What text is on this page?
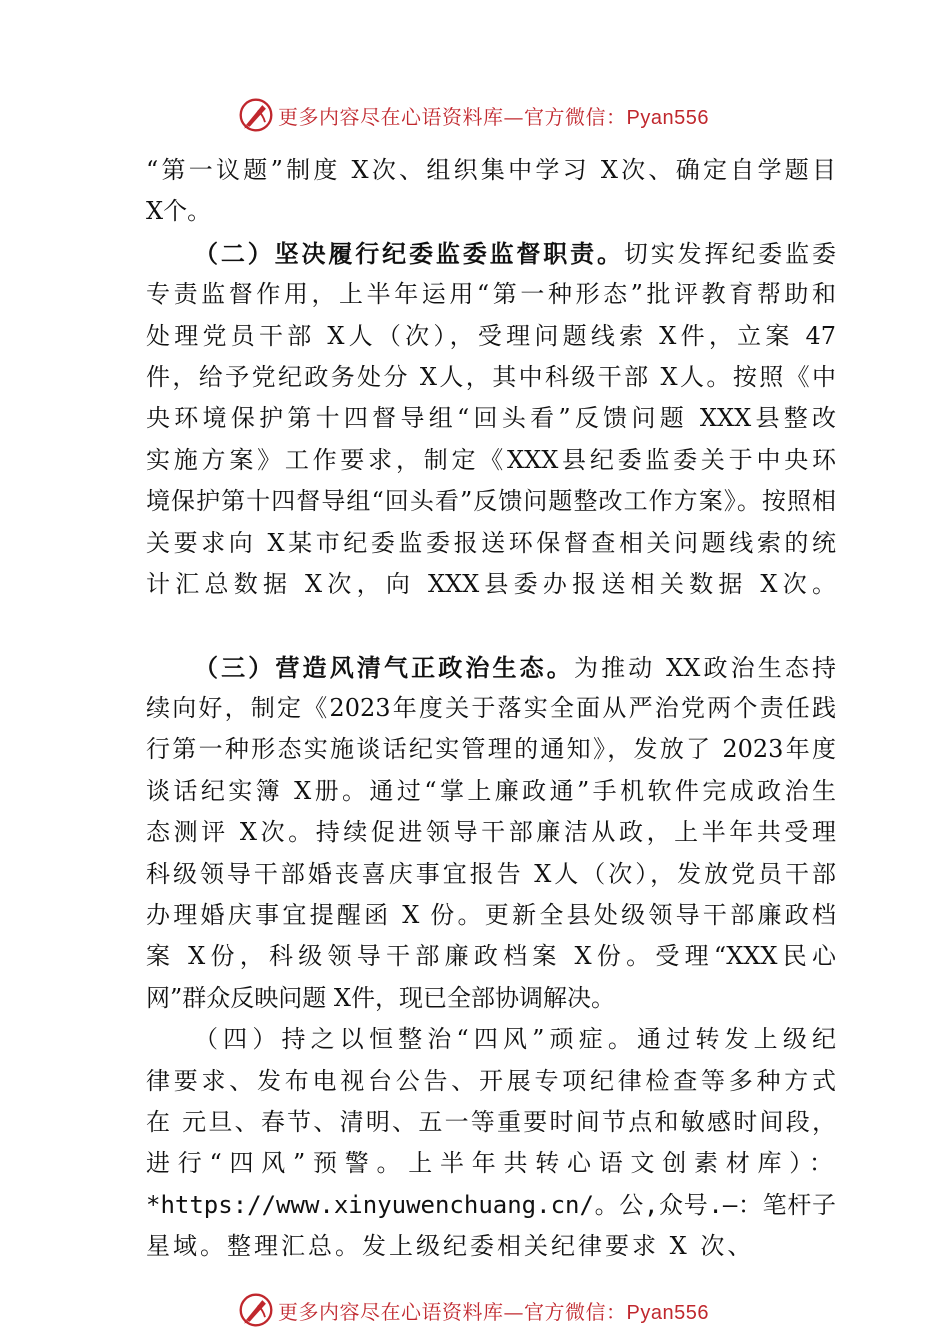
更多内容尽在心语资料库—官方微信：Pyan556
“第一议题”制度 X次、组织集中学习 X次、确定自学题目
X个。
（二）坚决履行纪委监委监督职责。切实发挥纪委监委
专责监督作用，上半年运用“第一种形态”批评教育帮助和
处理党员干部 X人（次），受理问题线索 X件，立案 47
件，给予党纪政务处分 X人，其中科级干部 X人。按照《中
央环境保护第十四督导组“回头看”反馈问题 XXX县整改
实施方案》工作要求，制定《XXX县纪委监委关于中央环
境保护第十四督导组“回头看”反馈问题整改工作方案》。按照相
关要求向 X某市纪委监委报送环保督查相关问题线索的统
计汇总数据 X次，向 XXX县委办报送相关数据 X次。
（三）营造风清气正政治生态。为推动 XX政治生态持
续向好，制定《2023年度关于落实全面从严治党两个责任践
行第一种形态实施谈话纪实管理的通知》，发放了 2023年度
谈话纪实簿 X册。通过“掌上廉政通”手机软件完成政治生
态测评 X次。持续促进领导干部廉洁从政，上半年共受理
科级领导干部婚丧喜庆事宜报告 X人（次），发放党员干部
办理婚庆事宜提醒函 X 份。更新全县处级领导干部廉政档
案 X份，科级领导干部廉政档案 X份。受理“XXX民心
网”群众反映问题 X件，现已全部协调解决。
（四）持之以恒整治“四风”顽症。通过转发上级纪
律要求、发布电视台公告、开展专项纪律检查等多种方式
在 元旦、春节、清明、五一等重要时间节点和敏感时间段，
进行“四风”预警。上半年共转心语文创素材库）：
*https://www.xinyuwenchuang.cn/。公,众号.—：笔杆子
星域。整理汇总。发上级纪委相关纪律要求 X 次、
更多内容尽在心语资料库—官方微信：Pyan556
